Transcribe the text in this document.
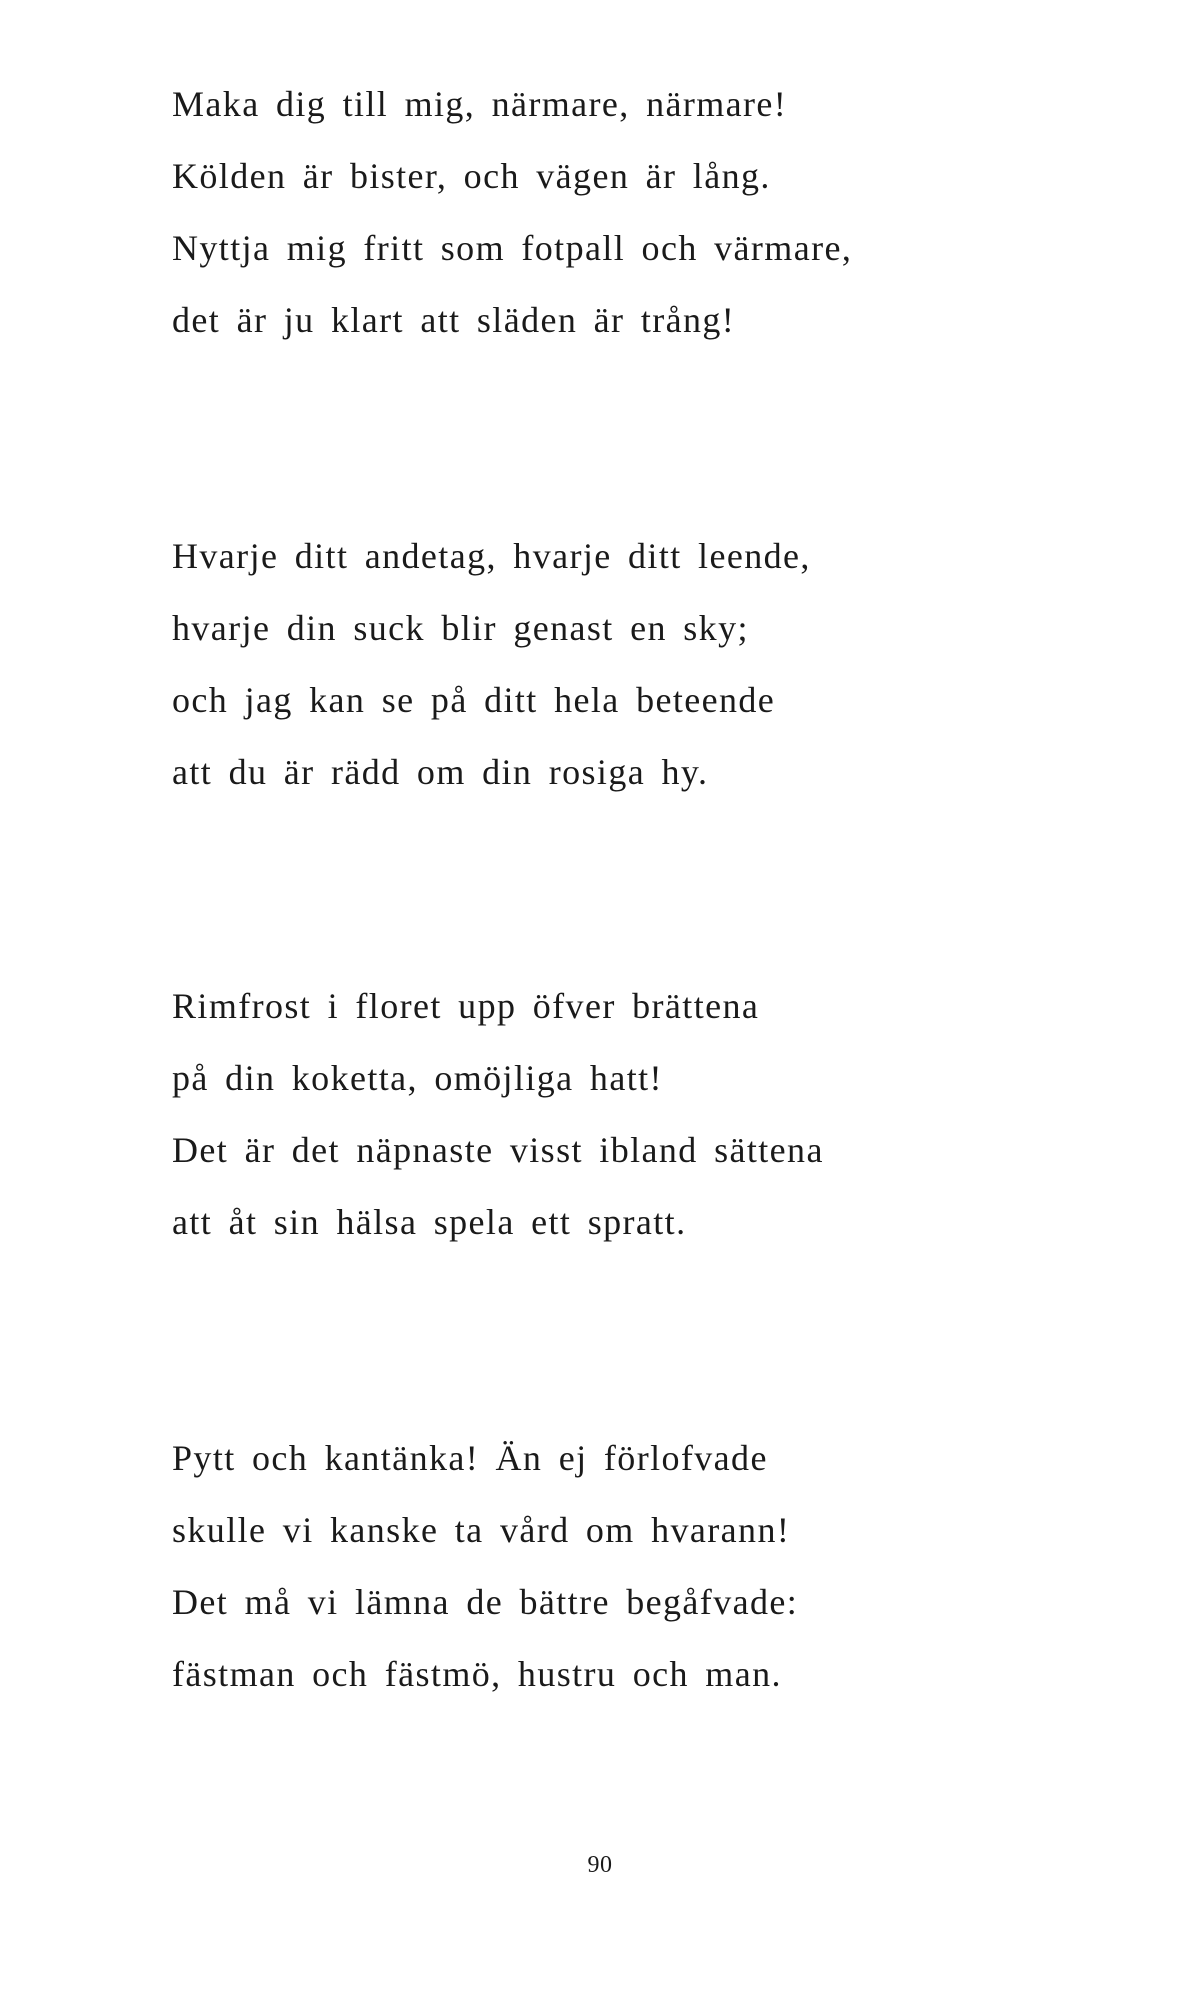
Maka dig till mig, närmare, närmare!
Kölden är bister, och vägen är lång.
Nyttja mig fritt som fotpall och värmare,
det är ju klart att släden är trång!
Hvarje ditt andetag, hvarje ditt leende,
hvarje din suck blir genast en sky;
och jag kan se på ditt hela beteende
att du är rädd om din rosiga hy.
Rimfrost i floret upp öfver brättena
på din koketta, omöjliga hatt!
Det är det näpnaste visst ibland sättena
att åt sin hälsa spela ett spratt.
Pytt och kantänka! Än ej förlofvade
skulle vi kanske ta vård om hvarann!
Det må vi lämna de bättre begåfvade:
fästman och fästmö, hustru och man.
90
